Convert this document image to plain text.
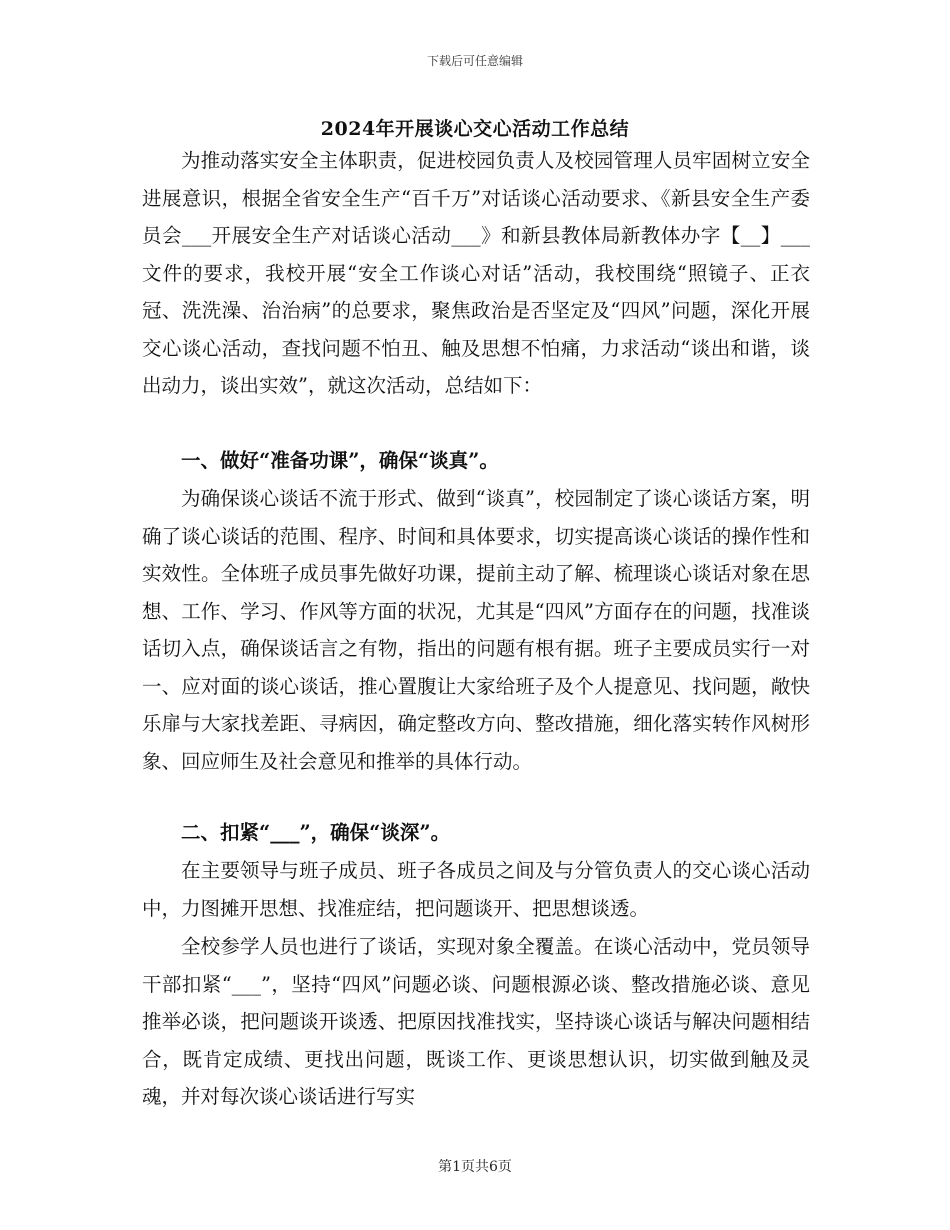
下载后可任意编辑
2024年开展谈心交心活动工作总结

为推动落实安全主体职责，促进校园负责人及校园管理人员牢固树立安全进展意识，根据全省安全生产“百千万”对话谈心活动要求、《新县安全生产委员会___开展安全生产对话谈心活动___》和新县教体局新教体办字【__】___文件的要求，我校开展“安全工作谈心对话”活动，我校围绕“照镜子、正衣冠、洗洗澡、治治病”的总要求，聚焦政治是否坚定及“四风”问题，深化开展交心谈心活动，查找问题不怕丑、触及思想不怕痛，力求活动“谈出和谐，谈出动力，谈出实效”，就这次活动，总结如下：

一、做好“准备功课”，确保“谈真”。

为确保谈心谈话不流于形式、做到“谈真”，校园制定了谈心谈话方案，明确了谈心谈话的范围、程序、时间和具体要求，切实提高谈心谈话的操作性和实效性。全体班子成员事先做好功课，提前主动了解、梳理谈心谈话对象在思想、工作、学习、作风等方面的状况，尤其是“四风”方面存在的问题，找准谈话切入点，确保谈话言之有物，指出的问题有根有据。班子主要成员实行一对一、应对面的谈心谈话，推心置腹让大家给班子及个人提意见、找问题，敞快乐扉与大家找差距、寻病因，确定整改方向、整改措施，细化落实转作风树形象、回应师生及社会意见和推举的具体行动。

二、扣紧“___”，确保“谈深”。

在主要领导与班子成员、班子各成员之间及与分管负责人的交心谈心活动中，力图摊开思想、找准症结，把问题谈开、把思想谈透。

全校参学人员也进行了谈话，实现对象全覆盖。在谈心活动中，党员领导干部扣紧“___”，坚持“四风”问题必谈、问题根源必谈、整改措施必谈、意见推举必谈，把问题谈开谈透、把原因找准找实，坚持谈心谈话与解决问题相结合，既肯定成绩、更找出问题，既谈工作、更谈思想认识，切实做到触及灵魂，并对每次谈心谈话进行写实

第1页共6页
